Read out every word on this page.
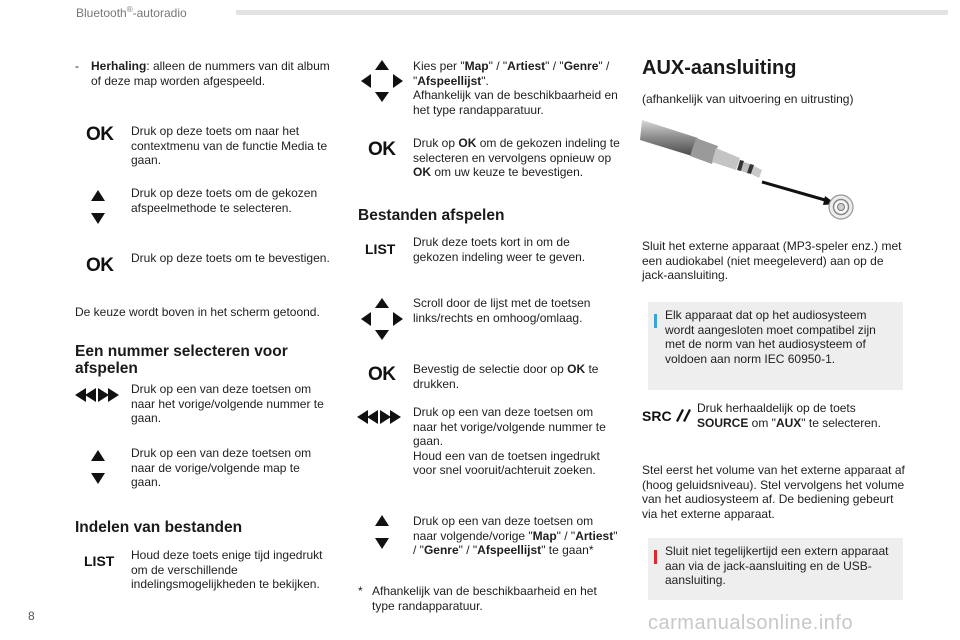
Bluetooth®-autoradio
- Herhaling: alleen de nummers van dit album of deze map worden afgespeeld.
OK Druk op deze toets om naar het contextmenu van de functie Media te gaan.
Druk op deze toets om de gekozen afspeelmethode te selecteren.
OK Druk op deze toets om te bevestigen.
De keuze wordt boven in het scherm getoond.
Een nummer selecteren voor afspelen
Druk op een van deze toetsen om naar het vorige/volgende nummer te gaan.
Druk op een van deze toetsen om naar de vorige/volgende map te gaan.
Indelen van bestanden
LIST Houd deze toets enige tijd ingedrukt om de verschillende indelingsmogelijkheden te bekijken.
Kies per "Map" / "Artiest" / "Genre" / "Afspeellijst".
Afhankelijk van de beschikbaarheid en het type randapparatuur.
OK Druk op OK om de gekozen indeling te selecteren en vervolgens opnieuw op OK om uw keuze te bevestigen.
Bestanden afspelen
LIST Druk deze toets kort in om de gekozen indeling weer te geven.
Scroll door de lijst met de toetsen links/rechts en omhoog/omlaag.
OK Bevestig de selectie door op OK te drukken.
Druk op een van deze toetsen om naar het vorige/volgende nummer te gaan.
Houd een van de toetsen ingedrukt voor snel vooruit/achteruit zoeken.
Druk op een van deze toetsen om naar volgende/vorige "Map" / "Artiest" / "Genre" / "Afspeellijst" te gaan*
* Afhankelijk van de beschikbaarheid en het type randapparatuur.
AUX-aansluiting
(afhankelijk van uitvoering en uitrusting)
Sluit het externe apparaat (MP3-speler enz.) met een audiokabel (niet meegeleverd) aan op de jack-aansluiting.
Elk apparaat dat op het audiosysteem wordt aangesloten moet compatibel zijn met de norm van het audiosysteem of voldoen aan norm IEC 60950-1.
SRC Druk herhaaldelijk op de toets SOURCE om "AUX" te selecteren.
Stel eerst het volume van het externe apparaat af (hoog geluidsniveau). Stel vervolgens het volume van het audiosysteem af. De bediening gebeurt via het externe apparaat.
Sluit niet tegelijkertijd een extern apparaat aan via de jack-aansluiting en de USB-aansluiting.
8	carmanualsonline.info
